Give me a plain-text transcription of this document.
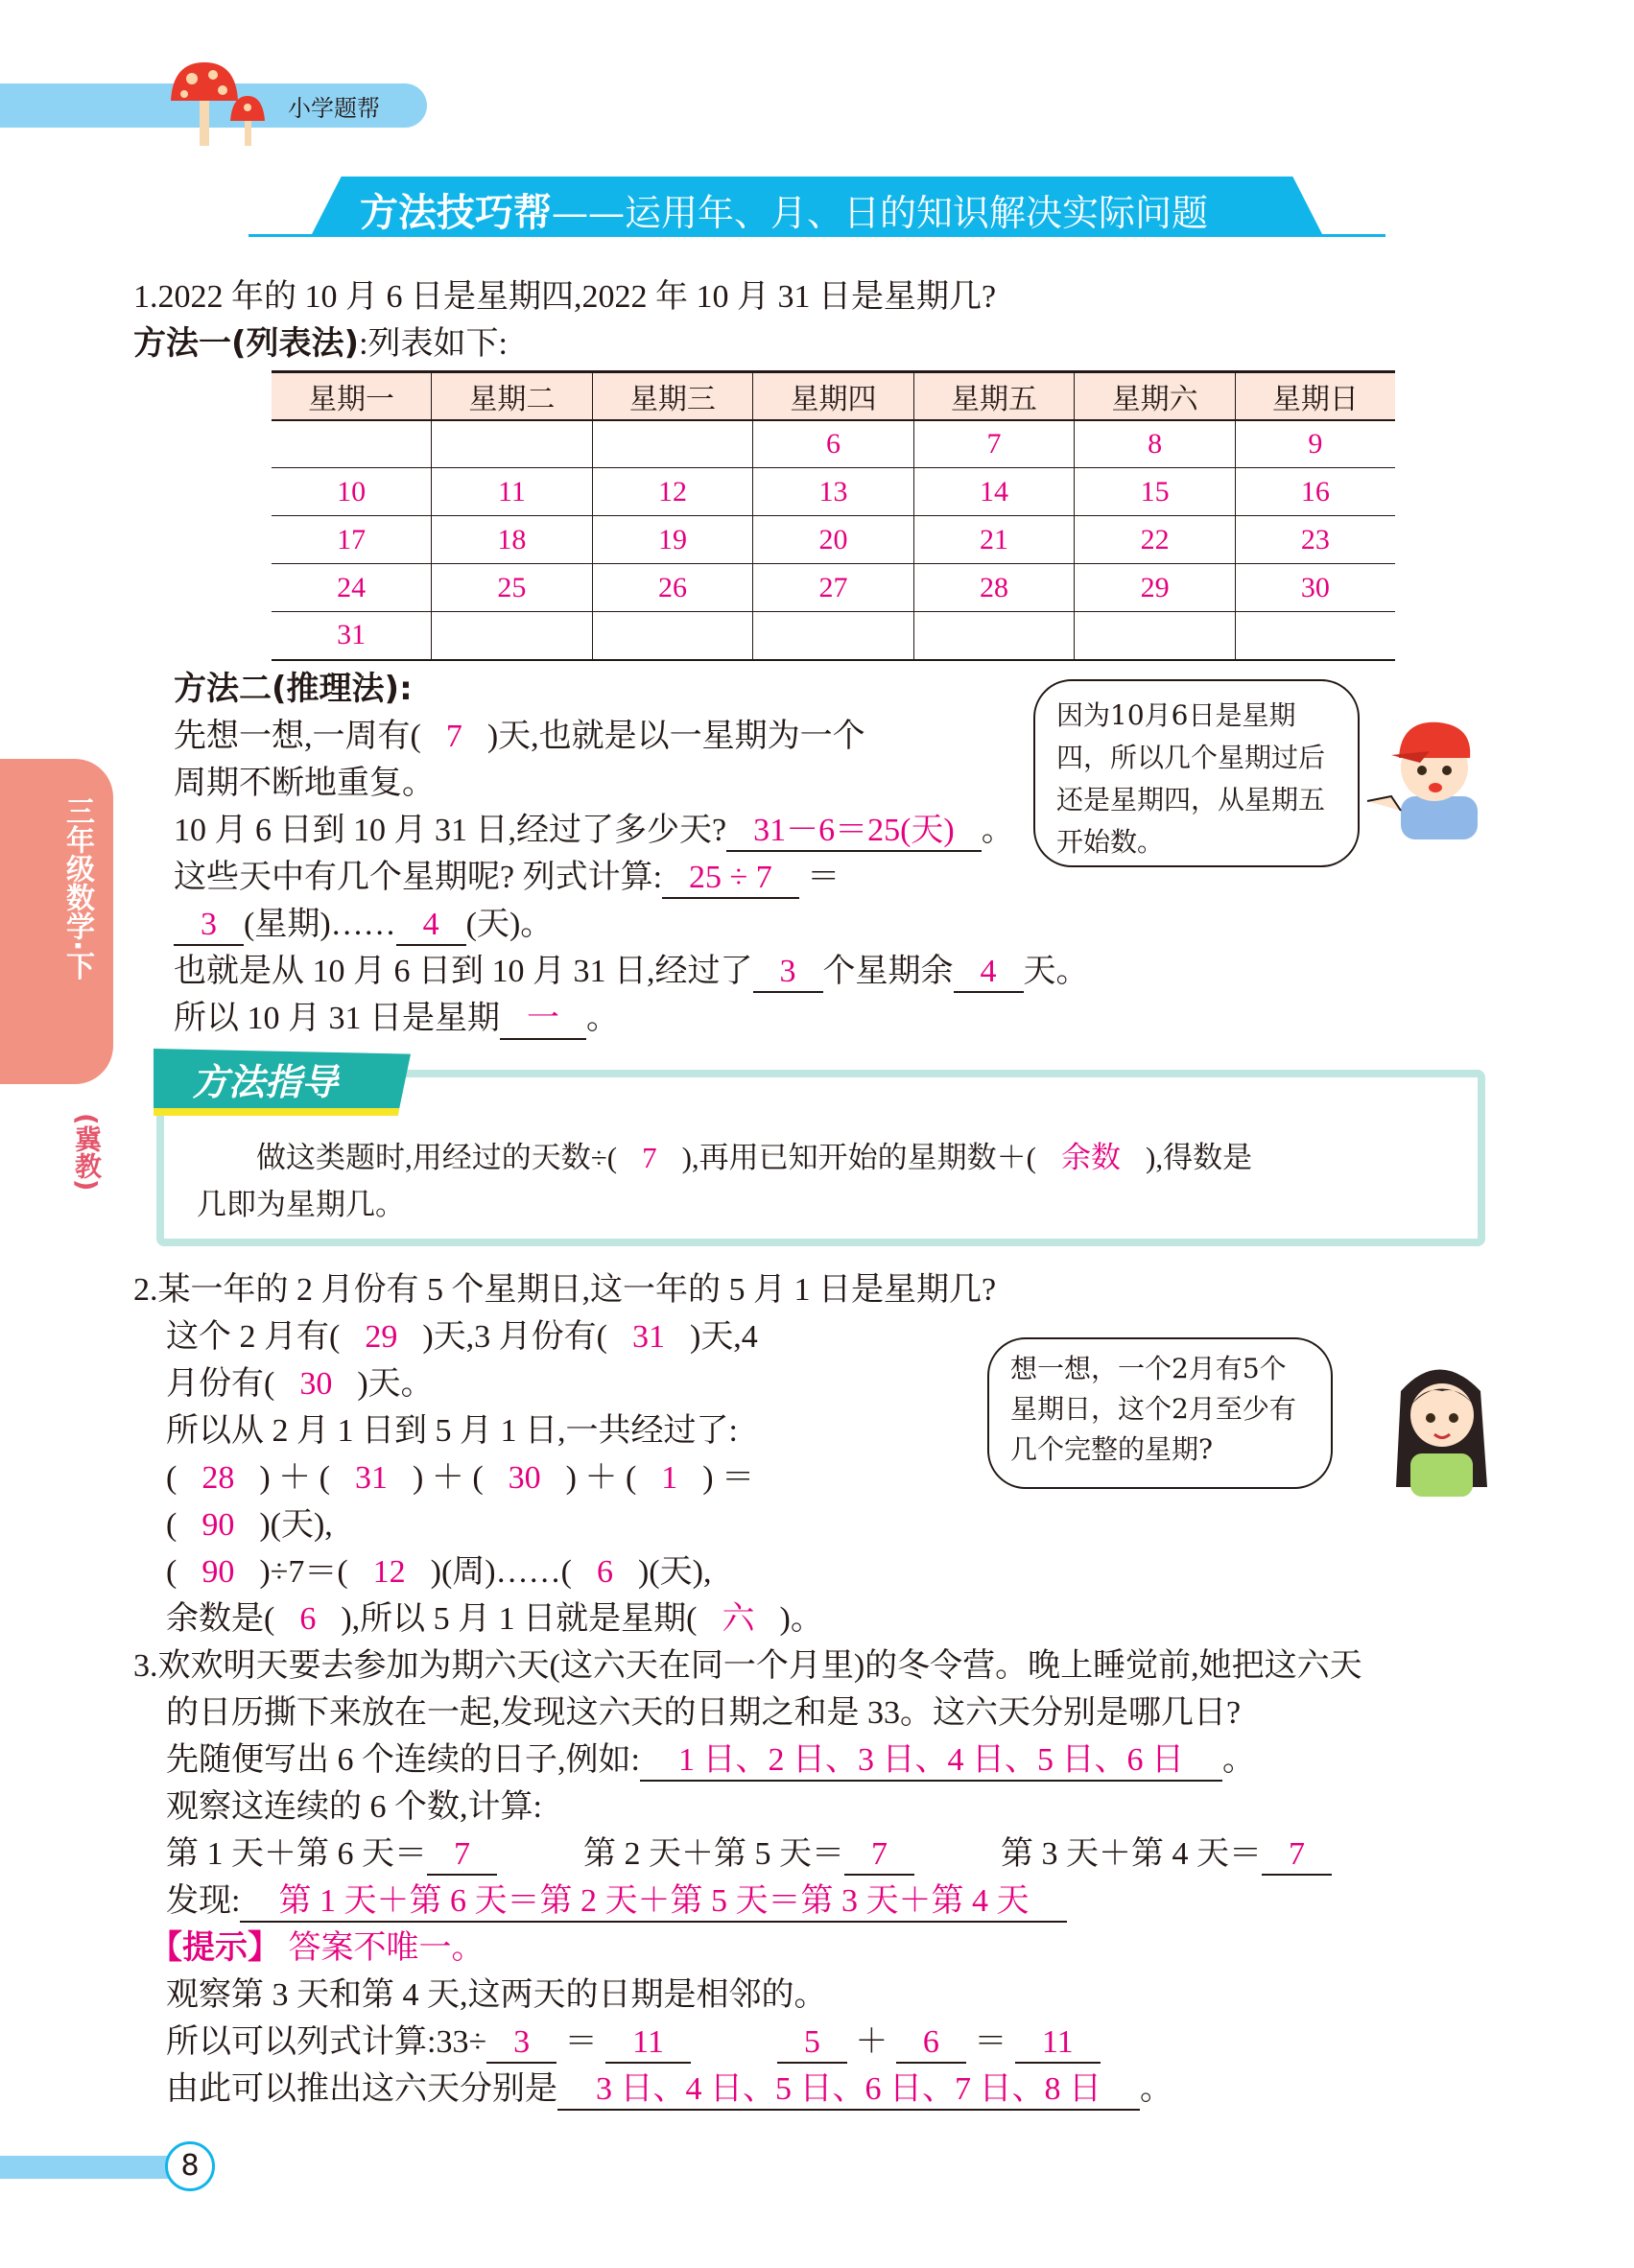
小学题帮
方法技巧帮——运用年、月、日的知识解决实际问题
1.2022 年的 10 月 6 日是星期四,2022 年 10 月 31 日是星期几?
方法一(列表法):列表如下:
星期一	星期二	星期三	星期四	星期五	星期六	星期日
			6	7	8	9
10	11	12	13	14	15	16
17	18	19	20	21	22	23
24	25	26	27	28	29	30
31						
方法二(推理法):
先想一想,一周有 ( 7 ) 天,也就是以一星期为一个
周期不断地重复。
10 月 6 日到 10 月 31 日,经过了多少天? 31－6＝25(天) 。
这些天中有几个星期呢? 列式计算: 25 ÷ 7 ＝
3 (星期)…… 4 (天)。
也就是从 10 月 6 日到 10 月 31 日,经过了 3 个星期余 4 天。
所以 10 月 31 日是星期 一 。
因为10月6日是星期四，所以几个星期过后还是星期四，从星期五开始数。
方法指导
　　做这类题时,用经过的天数÷ ( 7 ) ,再用已知开始的星期数＋ ( 余数 ) ,得数是
几即为星期几。
2.某一年的 2 月份有 5 个星期日,这一年的 5 月 1 日是星期几?
　这个 2 月有 ( 29 ) 天,3 月份有 ( 31 ) 天,4
　月份有 ( 30 ) 天。
　所以从 2 月 1 日到 5 月 1 日,一共经过了:
　( 28 ) ＋ ( 31 ) ＋ ( 30 ) ＋ ( 1 ) ＝
　( 90 ) (天),
　( 90 ) ÷7＝ ( 12 ) (周)…… ( 6 ) (天),
　余数是 ( 6 ) ,所以 5 月 1 日就是星期 ( 六 ) 。
想一想，一个2月有5个星期日，这个2月至少有几个完整的星期?
3.欢欢明天要去参加为期六天(这六天在同一个月里)的冬令营。晚上睡觉前,她把这六天
　的日历撕下来放在一起,发现这六天的日期之和是 33。这六天分别是哪几日?
　先随便写出 6 个连续的日子,例如: 1 日、2 日、3 日、4 日、5 日、6 日 。
　观察这连续的 6 个数,计算:
　第 1 天＋第 6 天＝ 7	第 2 天＋第 5 天＝ 7	第 3 天＋第 4 天＝ 7
　发现: 第 1 天＋第 6 天＝第 2 天＋第 5 天＝第 3 天＋第 4 天
　【提示】 答案不唯一。
　观察第 3 天和第 4 天,这两天的日期是相邻的。
　所以可以列式计算:33÷ 3 ＝ 11	5 ＋ 6 ＝ 11
　由此可以推出这六天分别是 3 日、4 日、5 日、6 日、7 日、8 日 。
三年级数学·下
(冀教)
8
